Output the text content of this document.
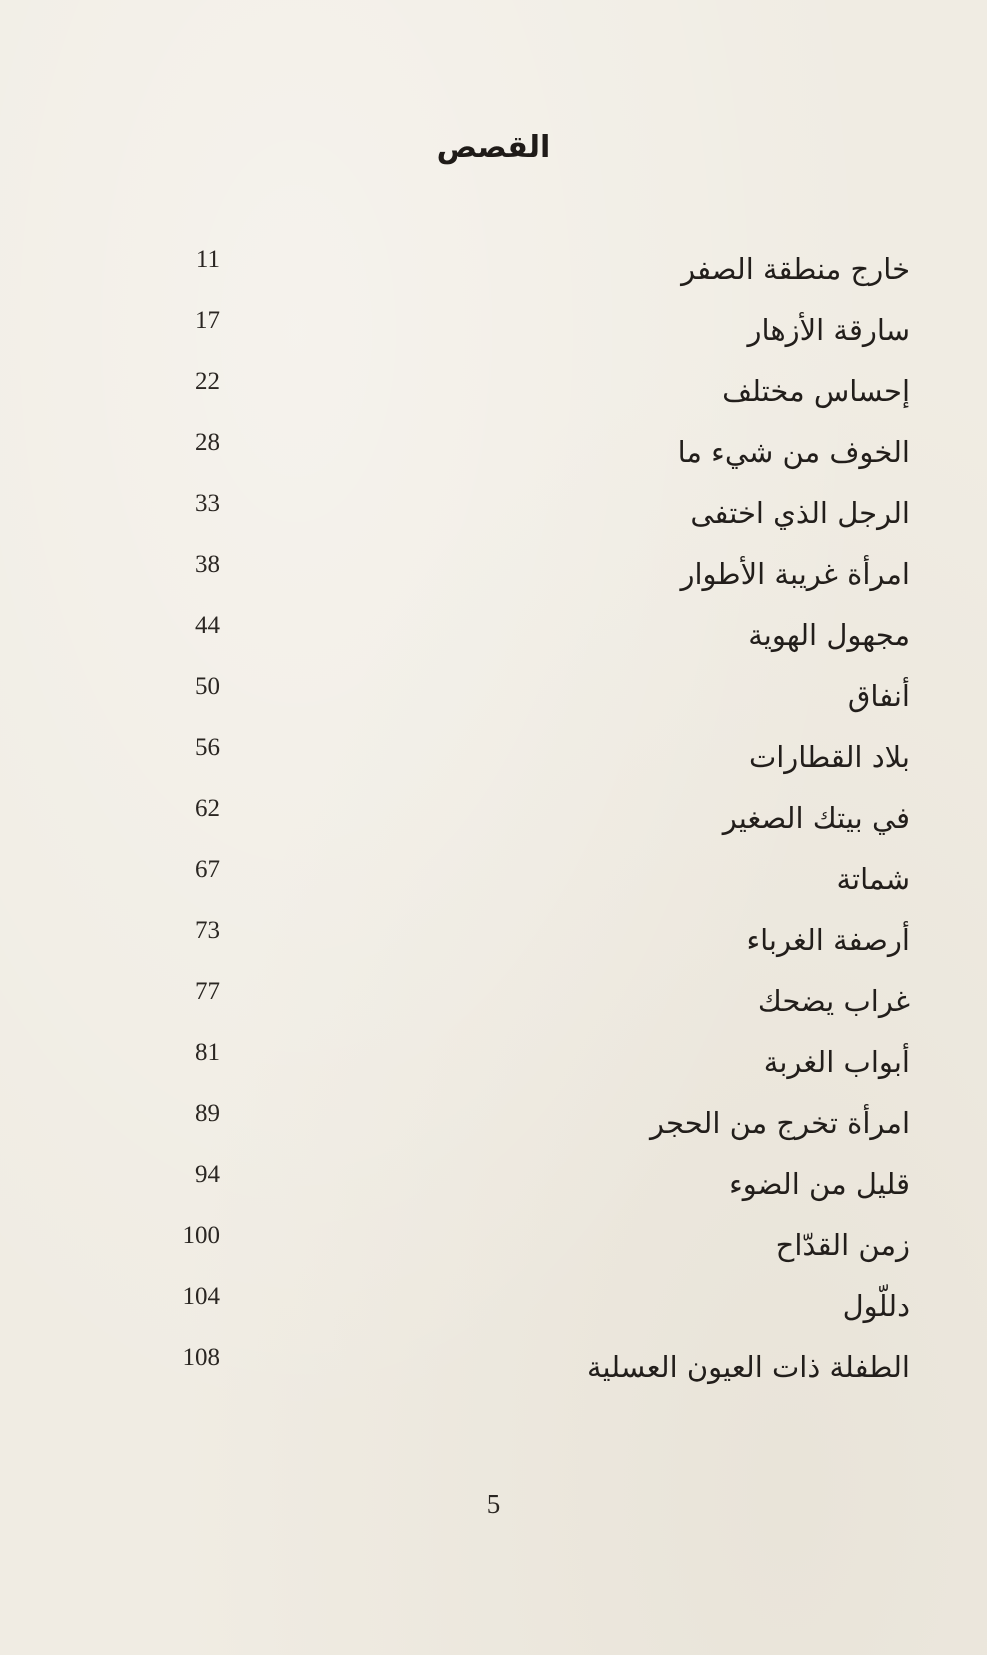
القصص
خارج منطقة الصفر
11
سارقة الأزهار
17
إحساس مختلف
22
الخوف من شيء ما
28
الرجل الذي اختفى
33
امرأة غريبة الأطوار
38
مجهول الهوية
44
أنفاق
50
بلاد القطارات
56
في بيتك الصغير
62
شماتة
67
أرصفة الغرباء
73
غراب يضحك
77
أبواب الغربة
81
امرأة تخرج من الحجر
89
قليل من الضوء
94
زمن القدّاح
100
دللّول
104
الطفلة ذات العيون العسلية
108
5
